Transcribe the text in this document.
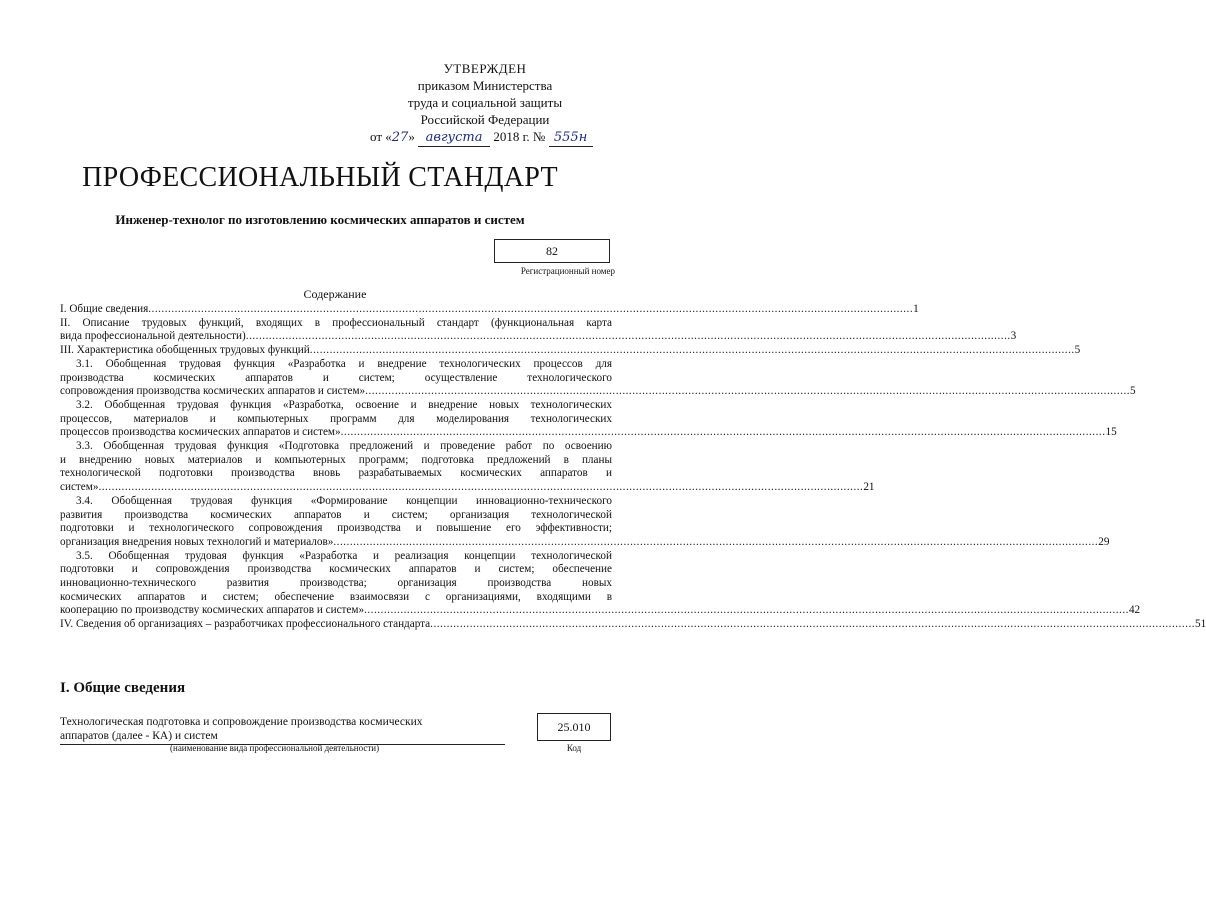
УТВЕРЖДЕН
приказом Министерства
труда и социальной защиты
Российской Федерации
от «27» августа 2018 г. № 555н
ПРОФЕССИОНАЛЬНЫЙ СТАНДАРТ
Инженер-технолог по изготовлению космических аппаратов и систем
82
Регистрационный номер
Содержание
I. Общие сведения .....	1
II. Описание трудовых функций, входящих в профессиональный стандарт (функциональная карта
вида профессиональной деятельности) .....	3
III. Характеристика обобщенных трудовых функций .....	5
3.1. Обобщенная трудовая функция «Разработка и внедрение технологических процессов для
производства космических аппаратов и систем; осуществление технологического
сопровождения производства космических аппаратов и систем» .....	5
3.2. Обобщенная трудовая функция «Разработка, освоение и внедрение новых технологических
процессов, материалов и компьютерных программ для моделирования технологических
процессов производства космических аппаратов и систем» .....	15
3.3. Обобщенная трудовая функция «Подготовка предложений и проведение работ по освоению
и внедрению новых материалов и компьютерных программ; подготовка предложений в планы
технологической подготовки производства вновь разрабатываемых космических аппаратов и
систем» .....	21
3.4. Обобщенная трудовая функция «Формирование концепции инновационно-технического
развития производства космических аппаратов и систем; организация технологической
подготовки и технологического сопровождения производства и повышение его эффективности;
организация внедрения новых технологий и материалов» .....	29
3.5. Обобщенная трудовая функция «Разработка и реализация концепции технологической
подготовки и сопровождения производства космических аппаратов и систем; обеспечение
инновационно-технического развития производства; организация производства новых
космических аппаратов и систем; обеспечение взаимосвязи с организациями, входящими в
кооперацию по производству космических аппаратов и систем» .....	42
IV. Сведения об организациях – разработчиках профессионального стандарта .....	51
I. Общие сведения
Технологическая подготовка и сопровождение производства космических
аппаратов (далее - КА) и систем
(наименование вида профессиональной деятельности)
25.010
Код
